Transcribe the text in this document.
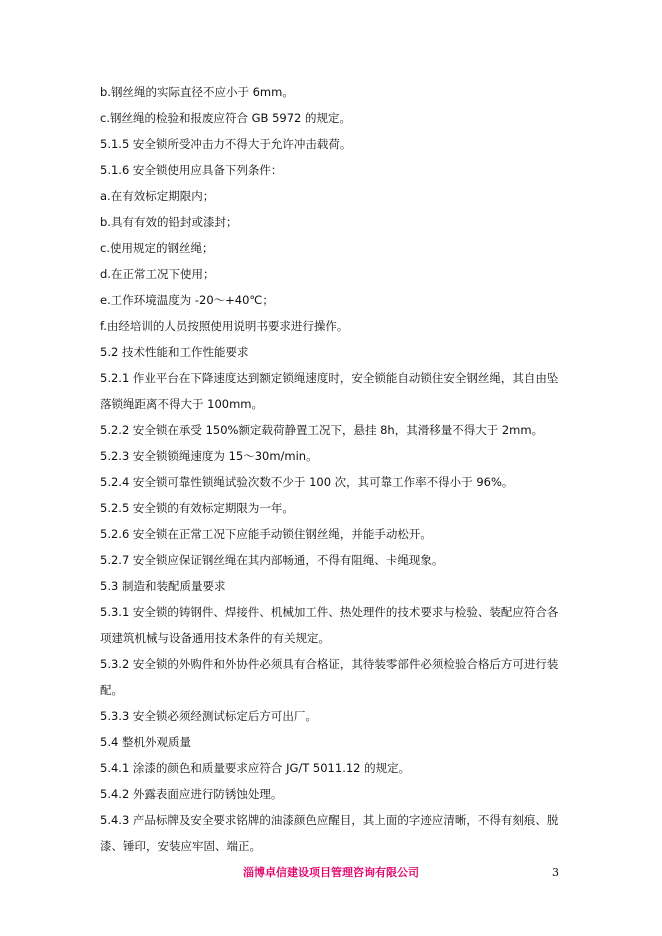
b.钢丝绳的实际直径不应小于 6mm。

c.钢丝绳的检验和报废应符合 GB 5972 的规定。

5.1.5 安全锁所受冲击力不得大于允许冲击载荷。

5.1.6 安全锁使用应具备下列条件：

a.在有效标定期限内；

b.具有有效的铅封或漆封；

c.使用规定的钢丝绳；

d.在正常工况下使用；

e.工作环境温度为 -20～+40℃；

f.由经培训的人员按照使用说明书要求进行操作。

5.2 技术性能和工作性能要求

5.2.1 作业平台在下降速度达到额定锁绳速度时，安全锁能自动锁住安全钢丝绳，其自由坠

落锁绳距离不得大于 100mm。

5.2.2 安全锁在承受 150%额定载荷静置工况下，悬挂 8h，其滑移量不得大于 2mm。

5.2.3 安全锁锁绳速度为 15～30m/min。

5.2.4 安全锁可靠性锁绳试验次数不少于 100 次，其可靠工作率不得小于 96%。

5.2.5 安全锁的有效标定期限为一年。

5.2.6 安全锁在正常工况下应能手动锁住钢丝绳，并能手动松开。

5.2.7 安全锁应保证钢丝绳在其内部畅通，不得有阻绳、卡绳现象。

5.3 制造和装配质量要求

5.3.1 安全锁的铸钢件、焊接件、机械加工件、热处理件的技术要求与检验、装配应符合各

项建筑机械与设备通用技术条件的有关规定。

5.3.2 安全锁的外购件和外协件必须具有合格证，其待装零部件必须检验合格后方可进行装

配。

5.3.3 安全锁必须经测试标定后方可出厂。

5.4 整机外观质量

5.4.1 涂漆的颜色和质量要求应符合 JG/T 5011.12 的规定。

5.4.2 外露表面应进行防锈蚀处理。

5.4.3 产品标牌及安全要求铭牌的油漆颜色应醒目，其上面的字迹应清晰，不得有刻痕、脱

漆、锤印，安装应牢固、端正。

淄博卓信建设项目管理咨询有限公司	3
